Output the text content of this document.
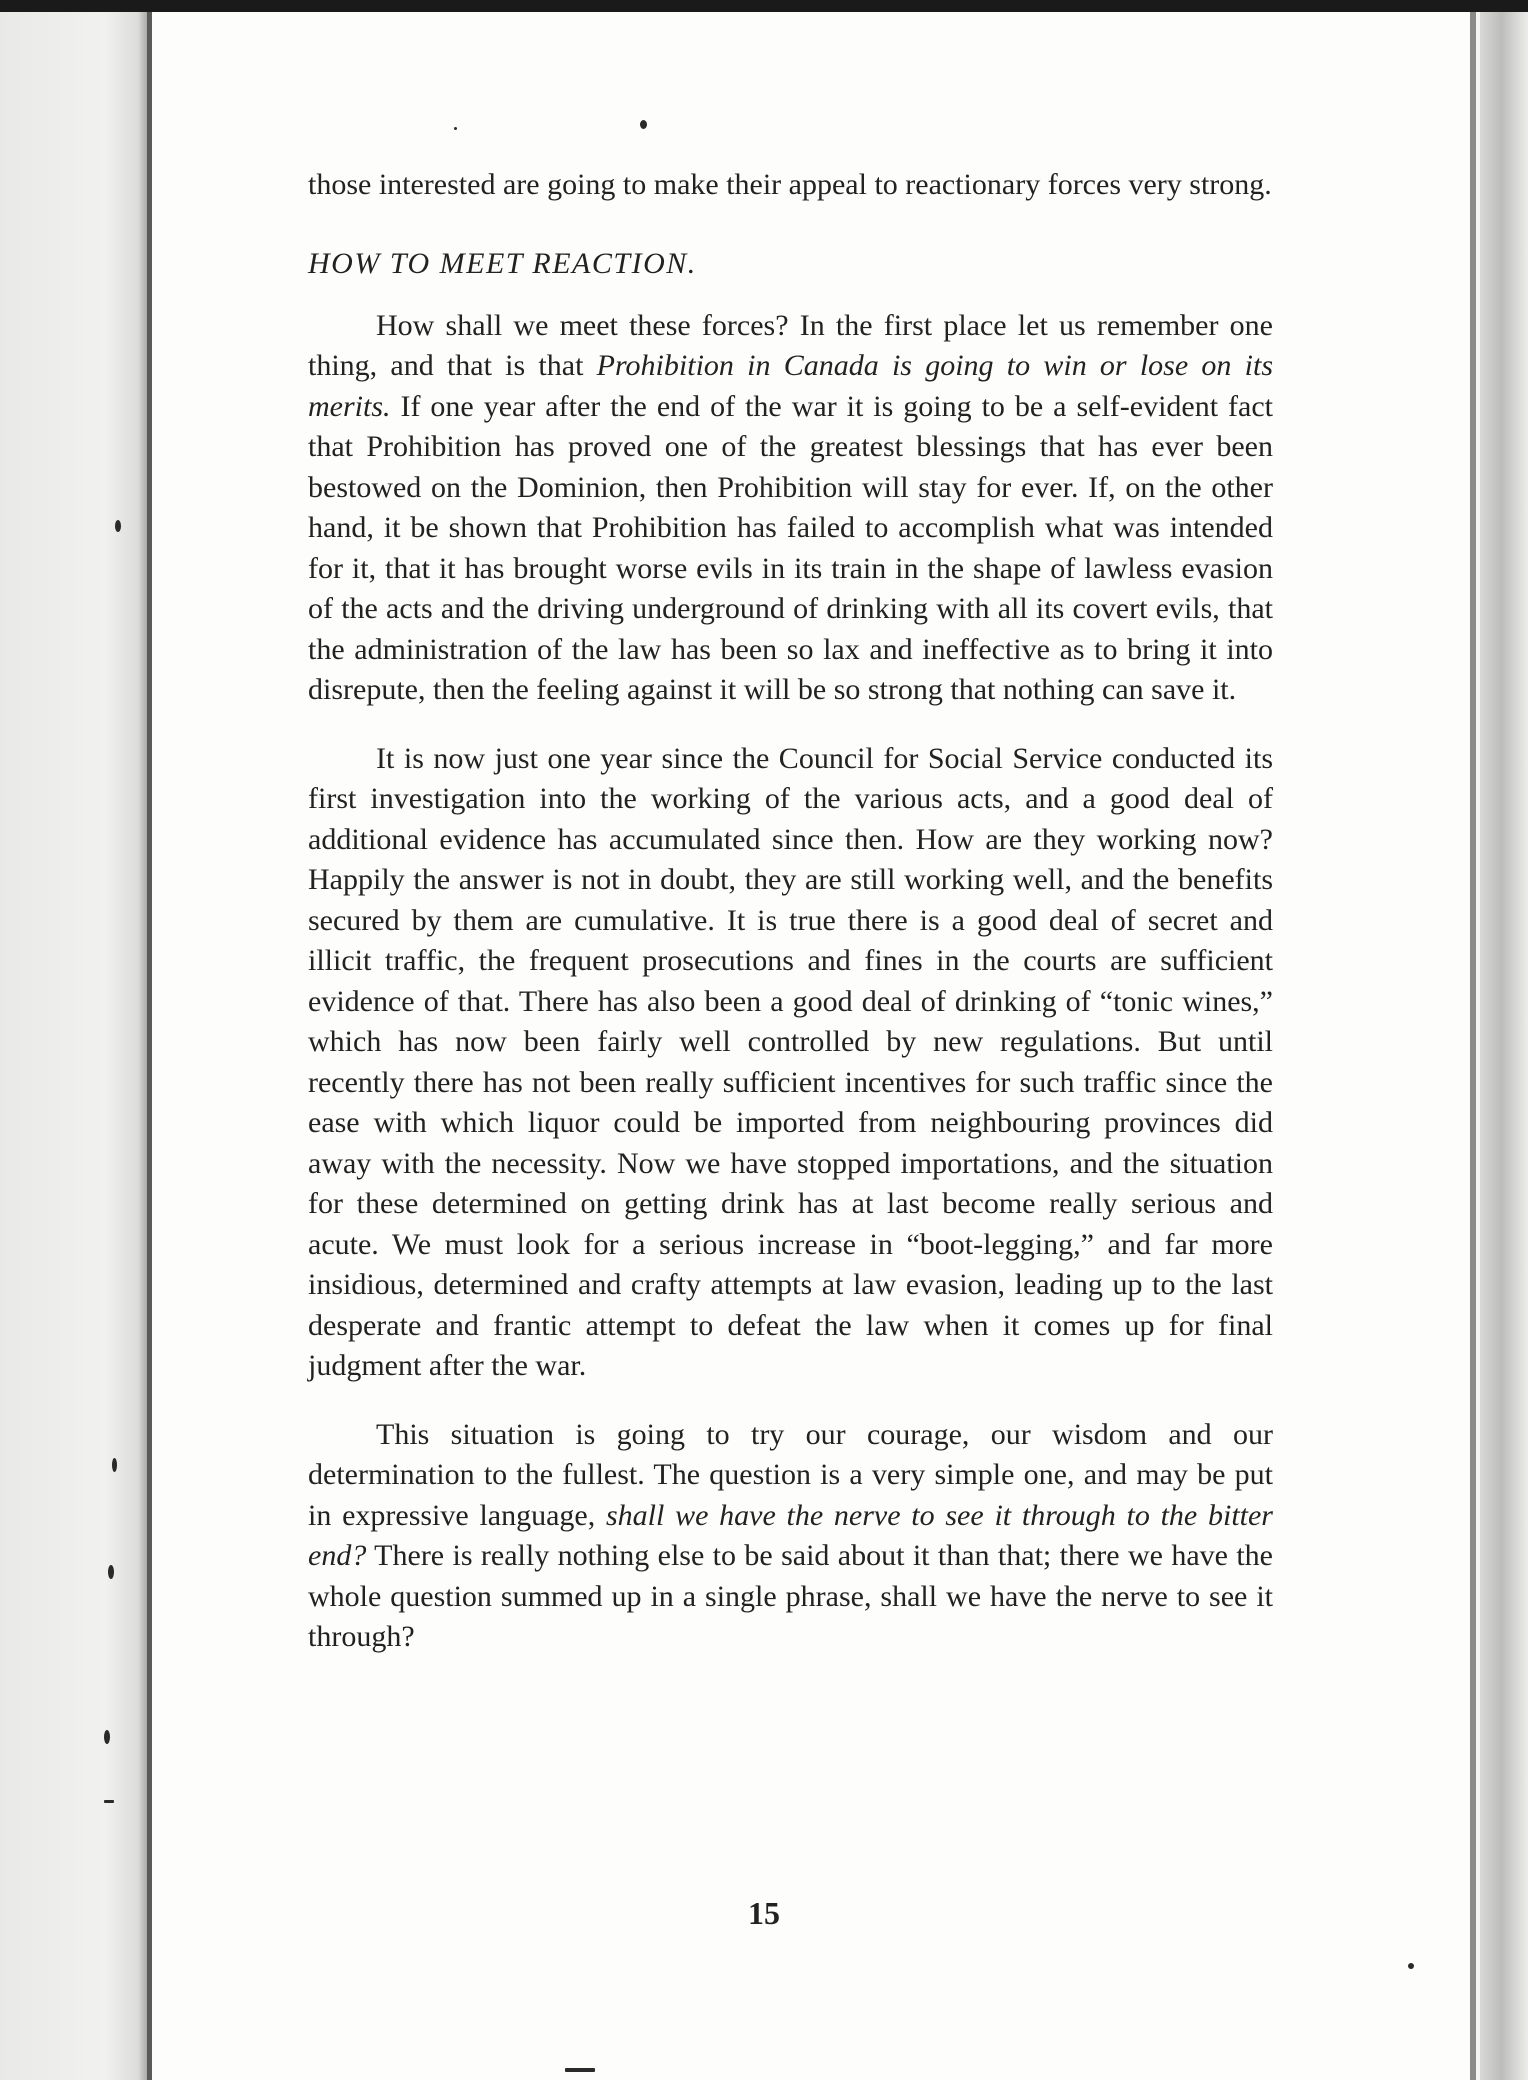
those interested are going to make their appeal to reactionary forces very strong.

HOW TO MEET REACTION.

How shall we meet these forces? In the first place let us remember one thing, and that is that Prohibition in Canada is going to win or lose on its merits. If one year after the end of the war it is going to be a self-evident fact that Prohibition has proved one of the greatest blessings that has ever been bestowed on the Dominion, then Prohibition will stay for ever. If, on the other hand, it be shown that Prohibition has failed to accomplish what was intended for it, that it has brought worse evils in its train in the shape of lawless evasion of the acts and the driving underground of drinking with all its covert evils, that the administration of the law has been so lax and ineffective as to bring it into disrepute, then the feeling against it will be so strong that nothing can save it.

It is now just one year since the Council for Social Service conducted its first investigation into the working of the various acts, and a good deal of additional evidence has accumulated since then. How are they working now? Happily the answer is not in doubt, they are still working well, and the benefits secured by them are cumulative. It is true there is a good deal of secret and illicit traffic, the frequent prosecutions and fines in the courts are sufficient evidence of that. There has also been a good deal of drinking of “tonic wines,” which has now been fairly well controlled by new regulations. But until recently there has not been really sufficient incentives for such traffic since the ease with which liquor could be imported from neighbouring provinces did away with the necessity. Now we have stopped importations, and the situation for these determined on getting drink has at last become really serious and acute. We must look for a serious increase in “boot-legging,” and far more insidious, determined and crafty attempts at law evasion, leading up to the last desperate and frantic attempt to defeat the law when it comes up for final judgment after the war.

This situation is going to try our courage, our wisdom and our determination to the fullest. The question is a very simple one, and may be put in expressive language, shall we have the nerve to see it through to the bitter end? There is really nothing else to be said about it than that; there we have the whole question summed up in a single phrase, shall we have the nerve to see it through?

15
